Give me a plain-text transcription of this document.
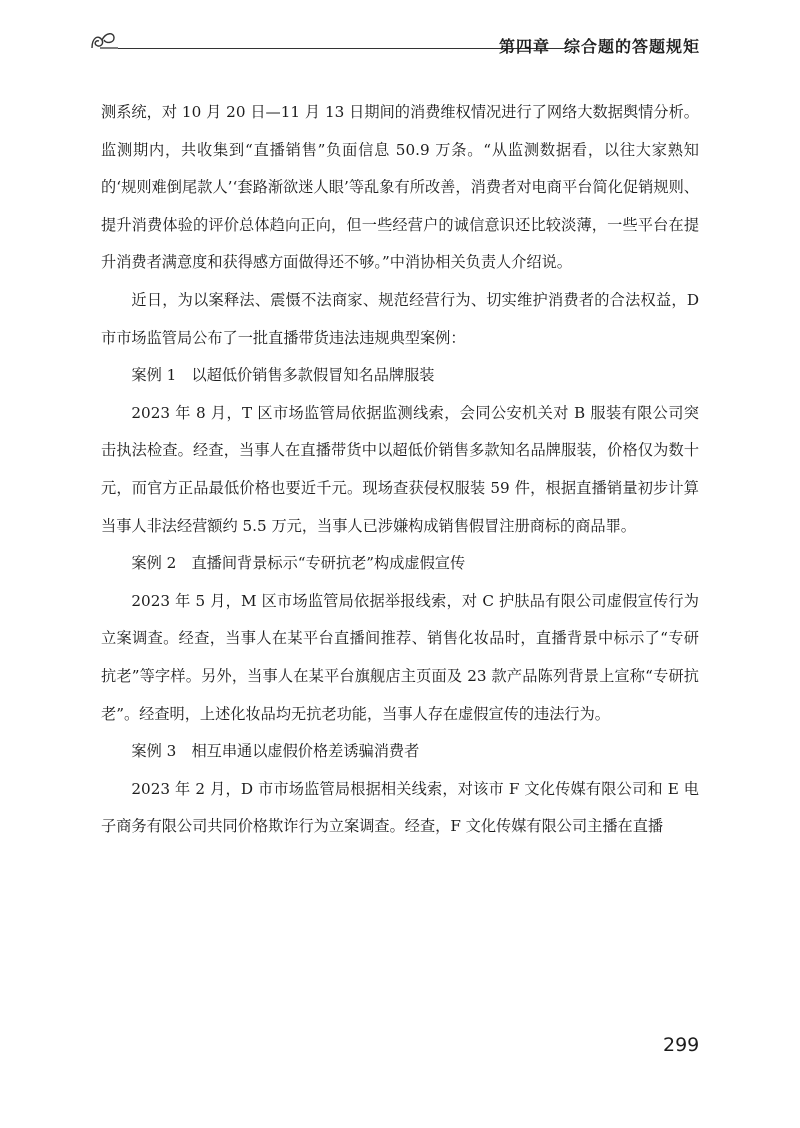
第四章 综合题的答题规矩

测系统，对 10 月 20 日—11 月 13 日期间的消费维权情况进行了网络大数据舆情分析。监测期内，共收集到“直播销售”负面信息 50.9 万条。“从监测数据看，以往大家熟知的‘规则难倒尾款人’‘套路渐欲迷人眼’等乱象有所改善，消费者对电商平台简化促销规则、提升消费体验的评价总体趋向正向，但一些经营户的诚信意识还比较淡薄，一些平台在提升消费者满意度和获得感方面做得还不够。”中消协相关负责人介绍说。

近日，为以案释法、震慑不法商家、规范经营行为、切实维护消费者的合法权益，D 市市场监管局公布了一批直播带货违法违规典型案例：

案例 1　以超低价销售多款假冒知名品牌服装

2023 年 8 月，T 区市场监管局依据监测线索，会同公安机关对 B 服装有限公司突击执法检查。经查，当事人在直播带货中以超低价销售多款知名品牌服装，价格仅为数十元，而官方正品最低价格也要近千元。现场查获侵权服装 59 件，根据直播销量初步计算当事人非法经营额约 5.5 万元，当事人已涉嫌构成销售假冒注册商标的商品罪。

案例 2　直播间背景标示“专研抗老”构成虚假宣传

2023 年 5 月，M 区市场监管局依据举报线索，对 C 护肤品有限公司虚假宣传行为立案调查。经查，当事人在某平台直播间推荐、销售化妆品时，直播背景中标示了“专研抗老”等字样。另外，当事人在某平台旗舰店主页面及 23 款产品陈列背景上宣称“专研抗老”。经查明，上述化妆品均无抗老功能，当事人存在虚假宣传的违法行为。

案例 3　相互串通以虚假价格差诱骗消费者

2023 年 2 月，D 市市场监管局根据相关线索，对该市 F 文化传媒有限公司和 E 电子商务有限公司共同价格欺诈行为立案调查。经查，F 文化传媒有限公司主播在直播

299
